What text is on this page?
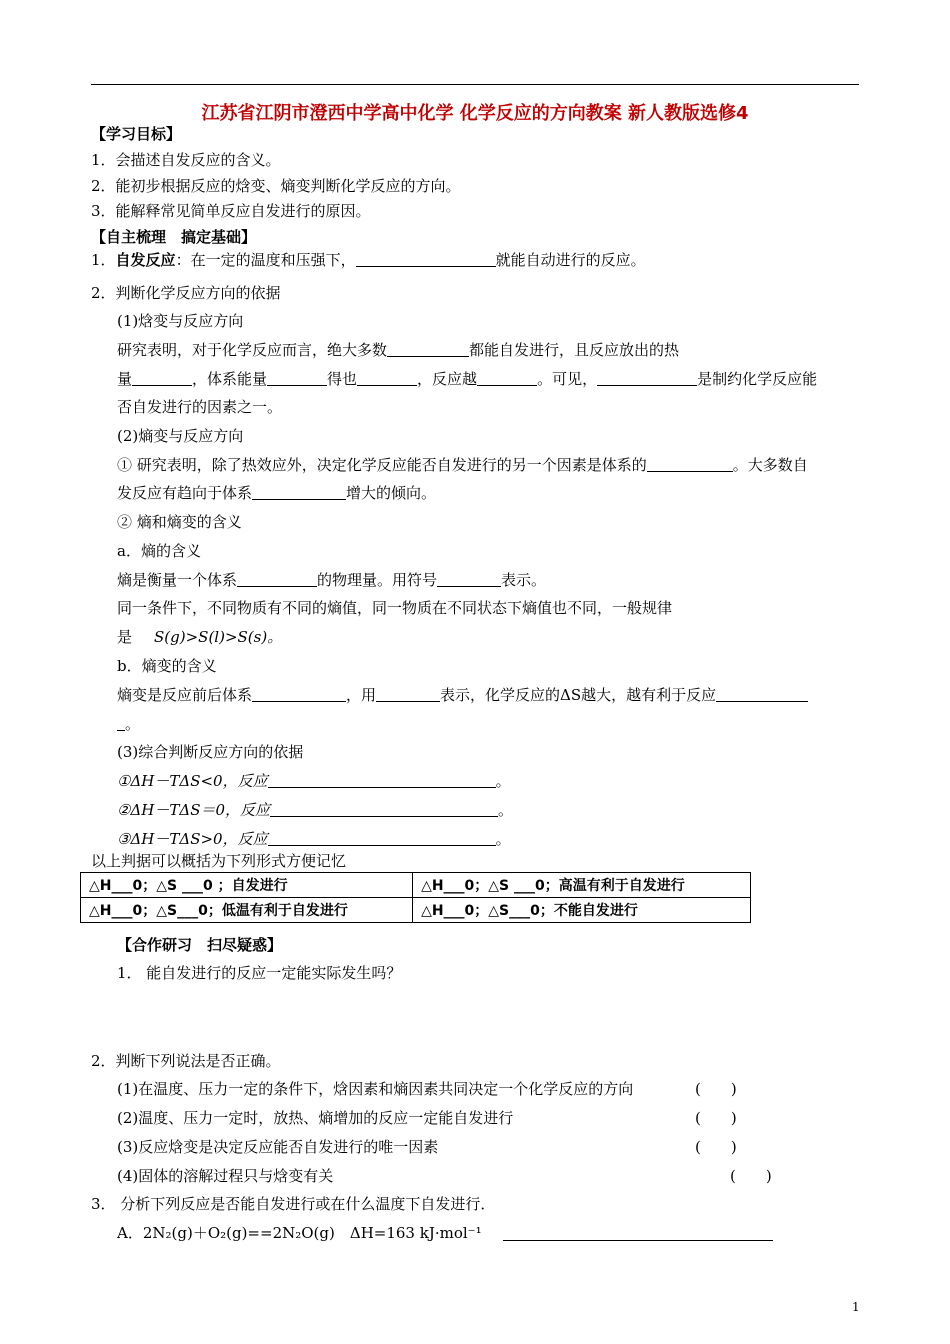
江苏省江阴市澄西中学高中化学 化学反应的方向教案 新人教版选修4
【学习目标】
1．会描述自发反应的含义。
2．能初步根据反应的焓变、熵变判断化学反应的方向。
3．能解释常见简单反应自发进行的原因。
【自主梳理　搞定基础】
1．自发反应：在一定的温度和压强下，	就能自动进行的反应。
2．判断化学反应方向的依据
(1)焓变与反应方向
研究表明，对于化学反应而言，绝大多数	都能自发进行，且反应放出的热
量	，体系能量	得也	，反应越	。可见，	是制约化学反应能
否自发进行的因素之一。
(2)熵变与反应方向
① 研究表明，除了热效应外，决定化学反应能否自发进行的另一个因素是体系的	。大多数自
发反应有趋向于体系	增大的倾向。
② 熵和熵变的含义
a．熵的含义
熵是衡量一个体系	的物理量。用符号	表示。
同一条件下，不同物质有不同的熵值，同一物质在不同状态下熵值也不同，一般规律
是 S(g)>S(l)>S(s)。
b．熵变的含义
熵变是反应前后体系	，用	表示，化学反应的ΔS越大，越有利于反应
。
(3)综合判断反应方向的依据
①ΔH－TΔS<0，反应	。
②ΔH－TΔS＝0，反应	。
③ΔH－TΔS>0，反应	。
以上判据可以概括为下列形式方便记忆
△H___0；△S ___0 ；自发进行	△H___0；△S ___0；高温有利于自发进行
△H___0；△S___0；低温有利于自发进行	△H___0；△S___0；不能自发进行
【合作研习　扫尽疑惑】
1． 能自发进行的反应一定能实际发生吗？
2．判断下列说法是否正确。
(1)在温度、压力一定的条件下，焓因素和熵因素共同决定一个化学反应的方向	(　　)
(2)温度、压力一定时，放热、熵增加的反应一定能自发进行	(　　)
(3)反应焓变是决定反应能否自发进行的唯一因素	(　　)
(4)固体的溶解过程只与焓变有关	(　　)
3． 分析下列反应是否能自发进行或在什么温度下自发进行．
A．2N₂(g)＋O₂(g)==2N₂O(g)　ΔH=163 kJ·mol⁻¹
1
